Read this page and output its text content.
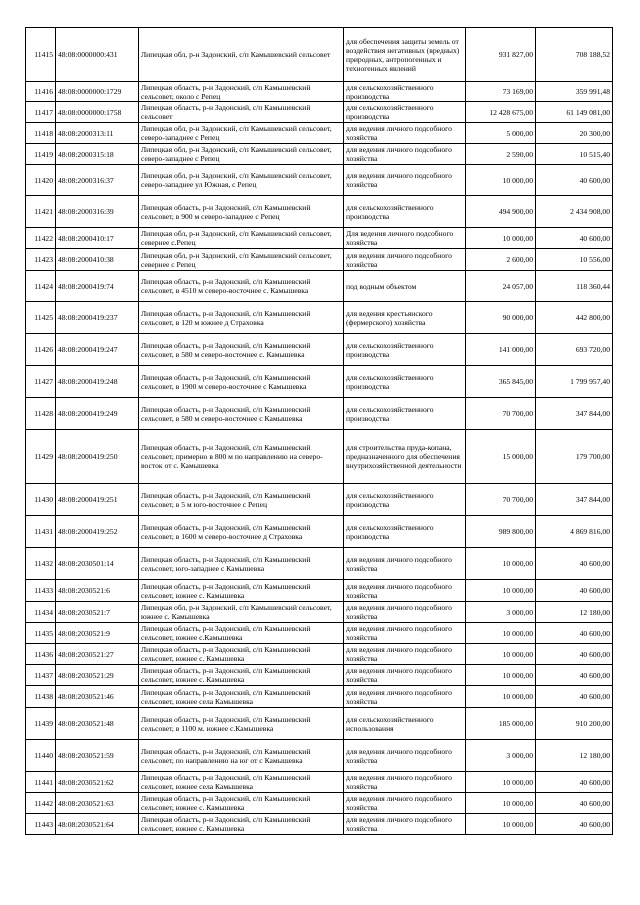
11415	48:08:0000000:431	Липецкая обл, р-н Задонский, с/п Камышевский сельсовет	для обеспечения защиты земель от воздействия негативных (вредных) природных, антропогенных и техногенных явлений	931 827,00	708 188,52
11416	48:08:0000000:1729	Липецкая область, р-н Задонский, с/п Камышевский сельсовет, около с Репец	для сельскохозяйственного производства	73 169,00	359 991,48
11417	48:08:0000000:1758	Липецкая область, р-н Задонский, с/п Камышевский сельсовет	для сельскохозяйственного производства	12 428 675,00	61 149 081,00
11418	48:08:2000313:11	Липецкая обл, р-н Задонский, с/п Камышевский сельсовет, северо-западнее с Репец	для ведения личного подсобного хозяйства	5 000,00	20 300,00
11419	48:08:2000315:18	Липецкая обл, р-н Задонский, с/п Камышевский сельсовет, северо-западнее с Репец	для ведения личного подсобного хозяйства	2 590,00	10 515,40
11420	48:08:2000316:37	Липецкая обл, р-н Задонский, с/п Камышевский сельсовет, северо-западнее ул Южная, с Репец	для ведения личного подсобного хозяйства	10 000,00	40 600,00
11421	48:08:2000316:39	Липецкая область, р-н Задонский, с/п Камышевский сельсовет, в 900 м северо-западнее с Репец	для сельскохозяйственного производства	494 900,00	2 434 908,00
11422	48:08:2000410:17	Липецкая обл, р-н Задонский, с/п Камышевский сельсовет, севернее с.Репец	Для ведения личного подсобного хозяйства	10 000,00	40 600,00
11423	48:08:2000410:38	Липецкая обл, р-н Задонский, с/п Камышевский сельсовет, севернее с Репец	для ведения личного подсобного хозяйства	2 600,00	10 556,00
11424	48:08:2000419:74	Липецкая область, р-н Задонский, с/п Камышевский сельсовет, в 4510 м северо-восточнее с. Камышевка	под водным объектом	24 057,00	118 360,44
11425	48:08:2000419:237	Липецкая область, р-н Задонский, с/п Камышевский сельсовет, в 120 м южнее д Страховка	для ведения крестьянского (фермерского) хозяйства	90 000,00	442 800,00
11426	48:08:2000419:247	Липецкая область, р-н Задонский, с/п Камышевский сельсовет, в 580 м северо-восточнее с. Камышевка	для сельскохозяйственного производства	141 000,00	693 720,00
11427	48:08:2000419:248	Липецкая область, р-н Задонский, с/п Камышевский сельсовет, в 1900 м северо-восточнее с Камышевка	для сельскохозяйственного производства	365 845,00	1 799 957,40
11428	48:08:2000419:249	Липецкая область, р-н Задонский, с/п Камышевский сельсовет, в 580 м северо-восточнее с Камышевка	для сельскохозяйственного производства	70 700,00	347 844,00
11429	48:08:2000419:250	Липецкая область, р-н Задонский, с/п Камышевский сельсовет, примерно в 800 м по направлению на северо-восток от с. Камышевка	для строительства пруда-копана, предназначенного для обеспечения внутрихозяйственной деятельности	15 000,00	179 700,00
11430	48:08:2000419:251	Липецкая область, р-н Задонский, с/п Камышевский сельсовет, в 5 м юго-восточнее с Репец	для сельскохозяйственного производства	70 700,00	347 844,00
11431	48:08:2000419:252	Липецкая область, р-н Задонский, с/п Камышевский сельсовет, в 1600 м северо-восточнее д Страховка	для сельскохозяйственного производства	989 800,00	4 869 816,00
11432	48:08:2030501:14	Липецкая область, р-н Задонский, с/п Камышевский сельсовет, юго-западнее с Камышевка	для ведения личного подсобного хозяйства	10 000,00	40 600,00
11433	48:08:2030521:6	Липецкая область, р-н Задонский, с/п Камышевский сельсовет, южнее с. Камышевка	для ведения личного подсобного хозяйства	10 000,00	40 600,00
11434	48:08:2030521:7	Липецкая обл, р-н Задонский, с/п Камышевский сельсовет, южнее с. Камышевка	для ведения личного подсобного хозяйства	3 000,00	12 180,00
11435	48:08:2030521:9	Липецкая область, р-н Задонский, с/п Камышевский сельсовет, южнее с.Камышевка	для ведения личного подсобного хозяйства	10 000,00	40 600,00
11436	48:08:2030521:27	Липецкая область, р-н Задонский, с/п Камышевский сельсовет, южнее с. Камышевка	для ведения личного подсобного хозяйства	10 000,00	40 600,00
11437	48:08:2030521:29	Липецкая область, р-н Задонский, с/п Камышевский сельсовет, южнее с. Камышевка	для ведения личного подсобного хозяйства	10 000,00	40 600,00
11438	48:08:2030521:46	Липецкая область, р-н Задонский, с/п Камышевский сельсовет, южнее села Камышевка	для ведения личного подсобного хозяйства	10 000,00	40 600,00
11439	48:08:2030521:48	Липецкая область, р-н Задонский, с/п Камышевский сельсовет, в 1100 м. южнее с.Камышевка	для сельскохозяйственного использования	185 000,00	910 200,00
11440	48:08:2030521:59	Липецкая область, р-н Задонский, с/п Камышевский сельсовет, по направлению на юг от с Камышевка	для ведения личного подсобного хозяйства	3 000,00	12 180,00
11441	48:08:2030521:62	Липецкая область, р-н Задонский, с/п Камышевский сельсовет, южнее села Камышевка	для ведения личного подсобного хозяйства	10 000,00	40 600,00
11442	48:08:2030521:63	Липецкая область, р-н Задонский, с/п Камышевский сельсовет, южнее с. Камышевка	для ведения личного подсобного хозяйства	10 000,00	40 600,00
11443	48:08:2030521:64	Липецкая область, р-н Задонский, с/п Камышевский сельсовет, южнее с. Камышевка	для ведения личного подсобного хозяйства	10 000,00	40 600,00
